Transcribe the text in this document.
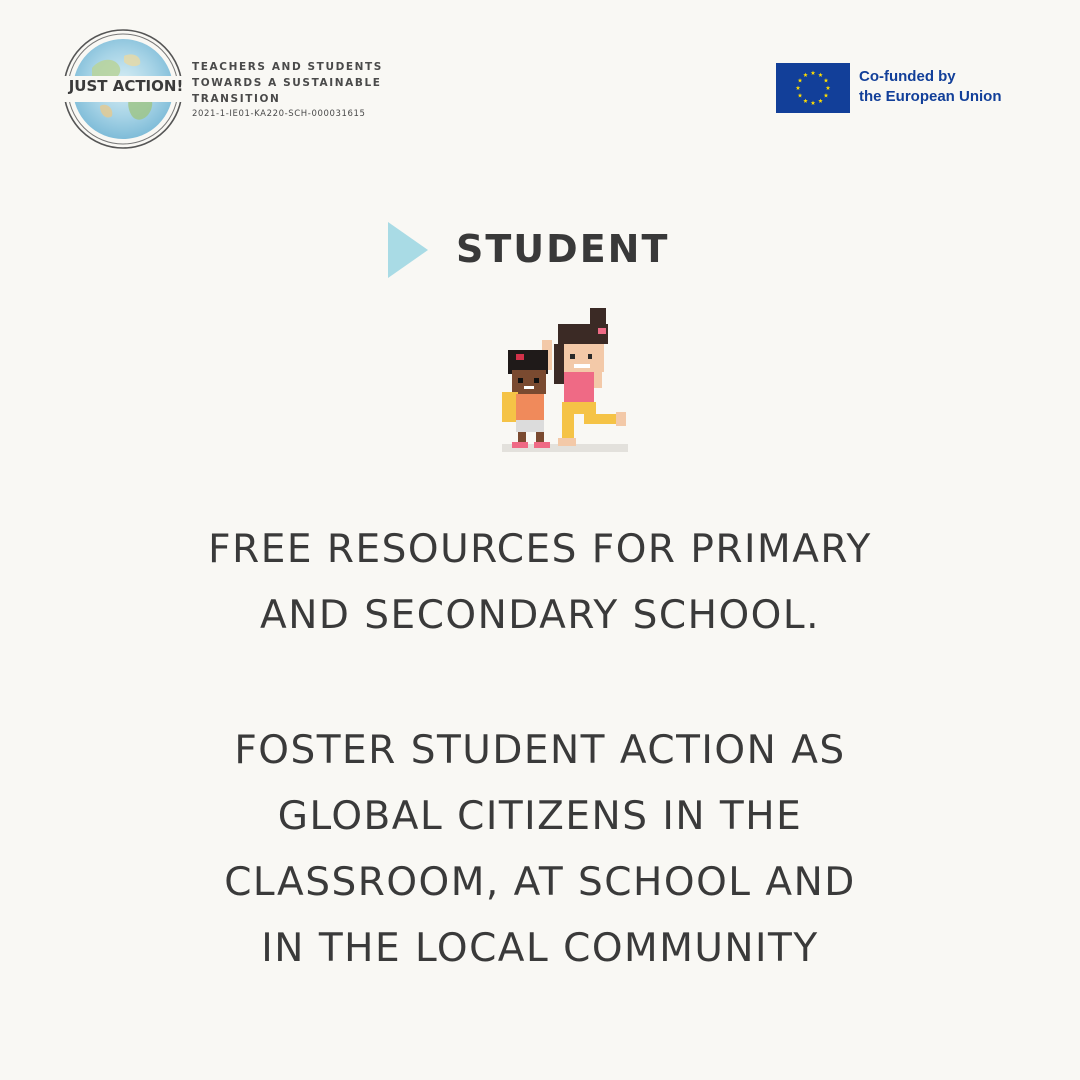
JUST ACTION!
TEACHERS AND STUDENTS
TOWARDS A SUSTAINABLE
TRANSITION
2021-1-IE01-KA220-SCH-000031615
Co-funded by
the European Union
STUDENT
FREE RESOURCES FOR PRIMARY
AND SECONDARY SCHOOL.
FOSTER STUDENT ACTION AS
GLOBAL CITIZENS IN THE
CLASSROOM, AT SCHOOL AND
IN THE LOCAL COMMUNITY
